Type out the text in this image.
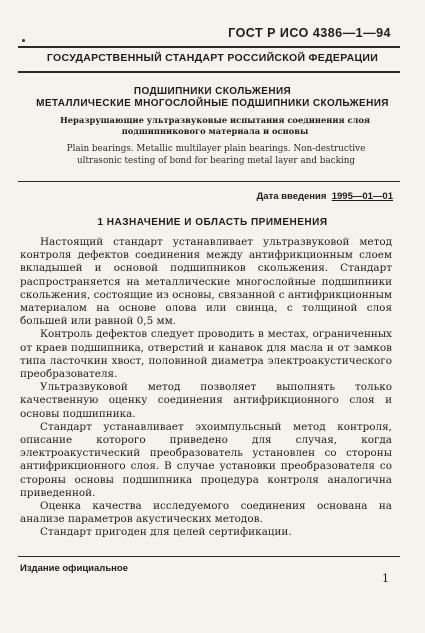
ГОСТ Р ИСО 4386—1—94
ГОСУДАРСТВЕННЫЙ СТАНДАРТ РОССИЙСКОЙ ФЕДЕРАЦИИ
ПОДШИПНИКИ СКОЛЬЖЕНИЯ
МЕТАЛЛИЧЕСКИЕ МНОГОСЛОЙНЫЕ ПОДШИПНИКИ СКОЛЬЖЕНИЯ
Неразрушающие ультразвуковые испытания соединения слоя
подшипникового материала и основы
Plain bearings. Metallic multilayer plain bearings. Non-destructive
ultrasonic testing of bond for bearing metal layer and backing
Дата введения 1995—01—01
1 НАЗНАЧЕНИЕ И ОБЛАСТЬ ПРИМЕНЕНИЯ

Настоящий стандарт устанавливает ультразвуковой метод контроля дефектов соединения между антифрикционным слоем вкладышей и основой подшипников скольжения. Стандарт распространяется на металлические многослойные подшипники скольжения, состоящие из основы, связанной с антифрикционным материалом на основе олова или свинца, с толщиной слоя большей или равной 0,5 мм.

Контроль дефектов следует проводить в местах, ограниченных от краев подшипника, отверстий и канавок для масла и от замков типа ласточкин хвост, половиной диаметра электроакустического преобразователя.

Ультразвуковой метод позволяет выполнять только качественную оценку соединения антифрикционного слоя и основы подшипника.

Стандарт устанавливает эхоимпульсный метод контроля, описание которого приведено для случая, когда электроакустический преобразователь установлен со стороны антифрикционного слоя. В случае установки преобразователя со стороны основы подшипника процедура контроля аналогична приведенной.

Оценка качества исследуемого соединения основана на анализе параметров акустических методов.

Стандарт пригоден для целей сертификации.

Издание официальное
1
